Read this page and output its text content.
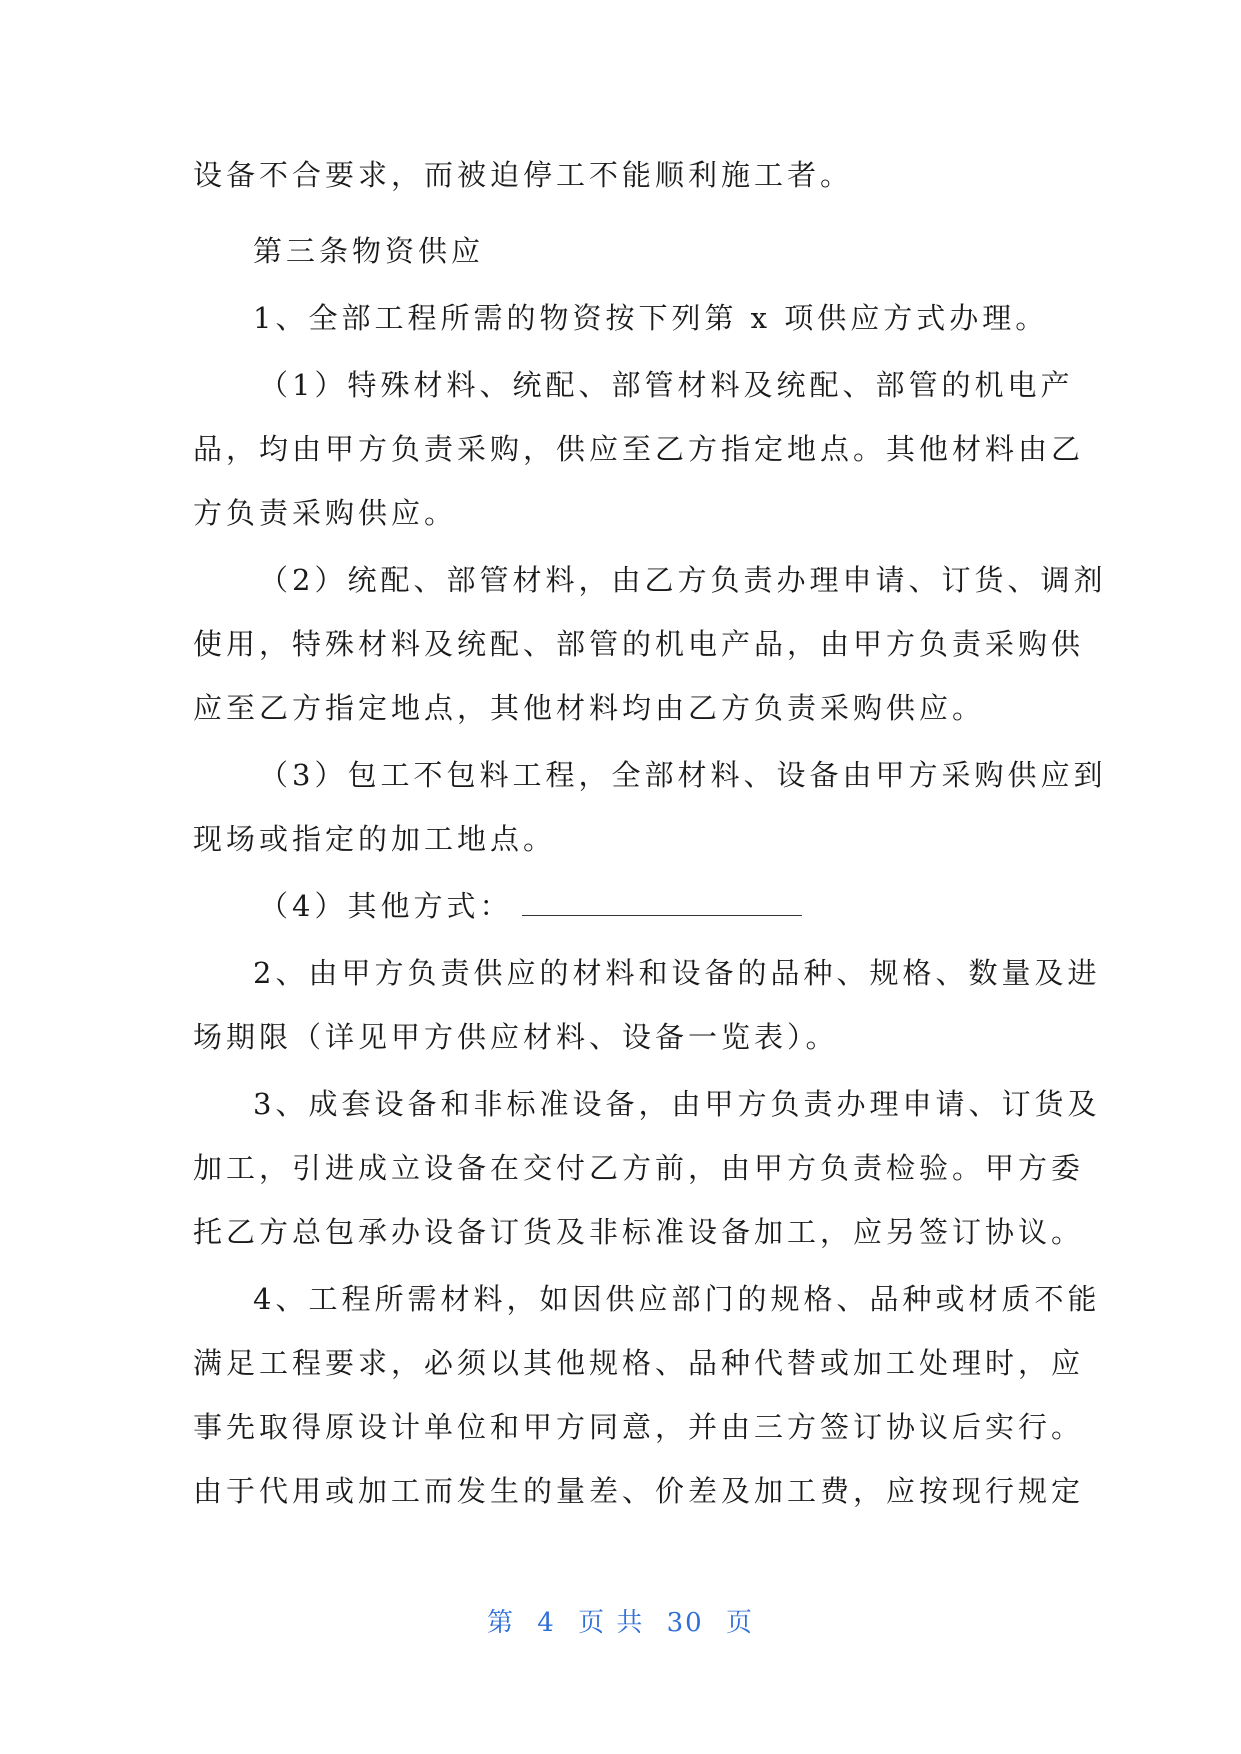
设备不合要求，而被迫停工不能顺利施工者。
第三条物资供应
1、全部工程所需的物资按下列第 x 项供应方式办理。
（1）特殊材料、统配、部管材料及统配、部管的机电产
品，均由甲方负责采购，供应至乙方指定地点。其他材料由乙
方负责采购供应。
（2）统配、部管材料，由乙方负责办理申请、订货、调剂
使用，特殊材料及统配、部管的机电产品，由甲方负责采购供
应至乙方指定地点，其他材料均由乙方负责采购供应。
（3）包工不包料工程，全部材料、设备由甲方采购供应到
现场或指定的加工地点。
（4）其他方式：
2、由甲方负责供应的材料和设备的品种、规格、数量及进
场期限（详见甲方供应材料、设备一览表）。
3、成套设备和非标准设备，由甲方负责办理申请、订货及
加工，引进成立设备在交付乙方前，由甲方负责检验。甲方委
托乙方总包承办设备订货及非标准设备加工，应另签订协议。
4、工程所需材料，如因供应部门的规格、品种或材质不能
满足工程要求，必须以其他规格、品种代替或加工处理时，应
事先取得原设计单位和甲方同意，并由三方签订协议后实行。
由于代用或加工而发生的量差、价差及加工费，应按现行规定
第 4 页 共 30 页
